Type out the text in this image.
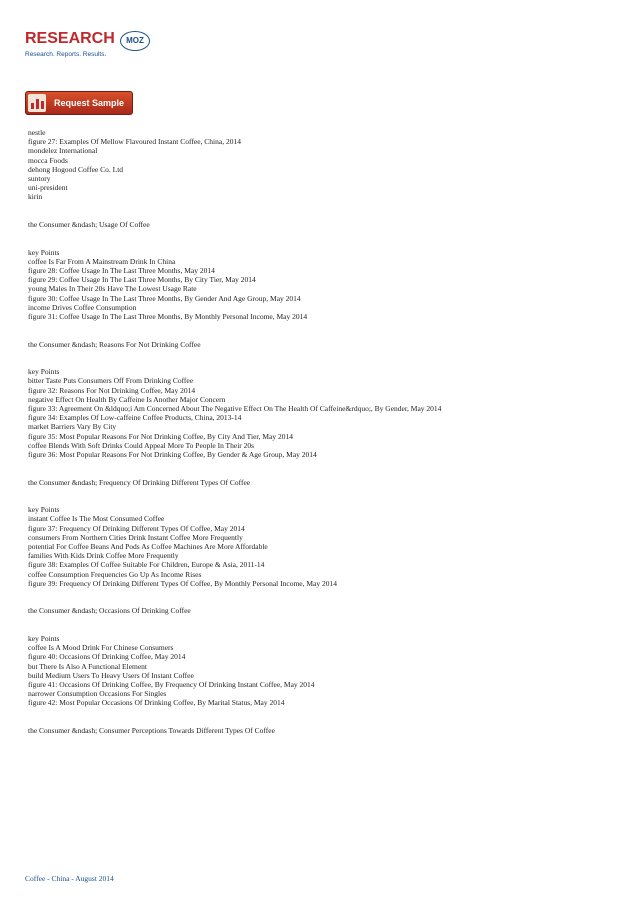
RESEARCH	MOZ
Research. Reports. Results.
Request Sample
nestle
figure 27: Examples Of Mellow Flavoured Instant Coffee, China, 2014
mondelez International
mocca Foods
dehong Hogood Coffee Co. Ltd
suntory
uni-president
kirin
the Consumer &ndash; Usage Of Coffee
key Points
coffee Is Far From A Mainstream Drink In China
figure 28: Coffee Usage In The Last Three Months, May 2014
figure 29: Coffee Usage In The Last Three Months, By City Tier, May 2014
young Males In Their 20s Have The Lowest Usage Rate
figure 30: Coffee Usage In The Last Three Months, By Gender And Age Group, May 2014
income Drives Coffee Consumption
figure 31: Coffee Usage In The Last Three Months, By Monthly Personal Income, May 2014
the Consumer &ndash; Reasons For Not Drinking Coffee
key Points
bitter Taste Puts Consumers Off From Drinking Coffee
figure 32: Reasons For Not Drinking Coffee, May 2014
negative Effect On Health By Caffeine Is Another Major Concern
figure 33: Agreement On &ldquo;i Am Concerned About The Negative Effect On The Health Of Caffeine&rdquo;, By Gender, May 2014
figure 34: Examples Of Low-caffeine Coffee Products, China, 2013-14
market Barriers Vary By City
figure 35: Most Popular Reasons For Not Drinking Coffee, By City And Tier, May 2014
coffee Blends With Soft Drinks Could Appeal More To People In Their 20s
figure 36: Most Popular Reasons For Not Drinking Coffee, By Gender & Age Group, May 2014
the Consumer &ndash; Frequency Of Drinking Different Types Of Coffee
key Points
instant Coffee Is The Most Consumed Coffee
figure 37: Frequency Of Drinking Different Types Of Coffee, May 2014
consumers From Northern Cities Drink Instant Coffee More Frequently
potential For Coffee Beans And Pods As Coffee Machines Are More Affordable
families With Kids Drink Coffee More Frequently
figure 38: Examples Of Coffee Suitable For Children, Europe & Asia, 2011-14
coffee Consumption Frequencies Go Up As Income Rises
figure 39: Frequency Of Drinking Different Types Of Coffee, By Monthly Personal Income, May 2014
the Consumer &ndash; Occasions Of Drinking Coffee
key Points
coffee Is A Mood Drink For Chinese Consumers
figure 40: Occasions Of Drinking Coffee, May 2014
but There Is Also A Functional Element
build Medium Users To Heavy Users Of Instant Coffee
figure 41: Occasions Of Drinking Coffee, By Frequency Of Drinking Instant Coffee, May 2014
narrower Consumption Occasions For Singles
figure 42: Most Popular Occasions Of Drinking Coffee, By Marital Status, May 2014
the Consumer &ndash; Consumer Perceptions Towards Different Types Of Coffee
Coffee - China - August 2014
